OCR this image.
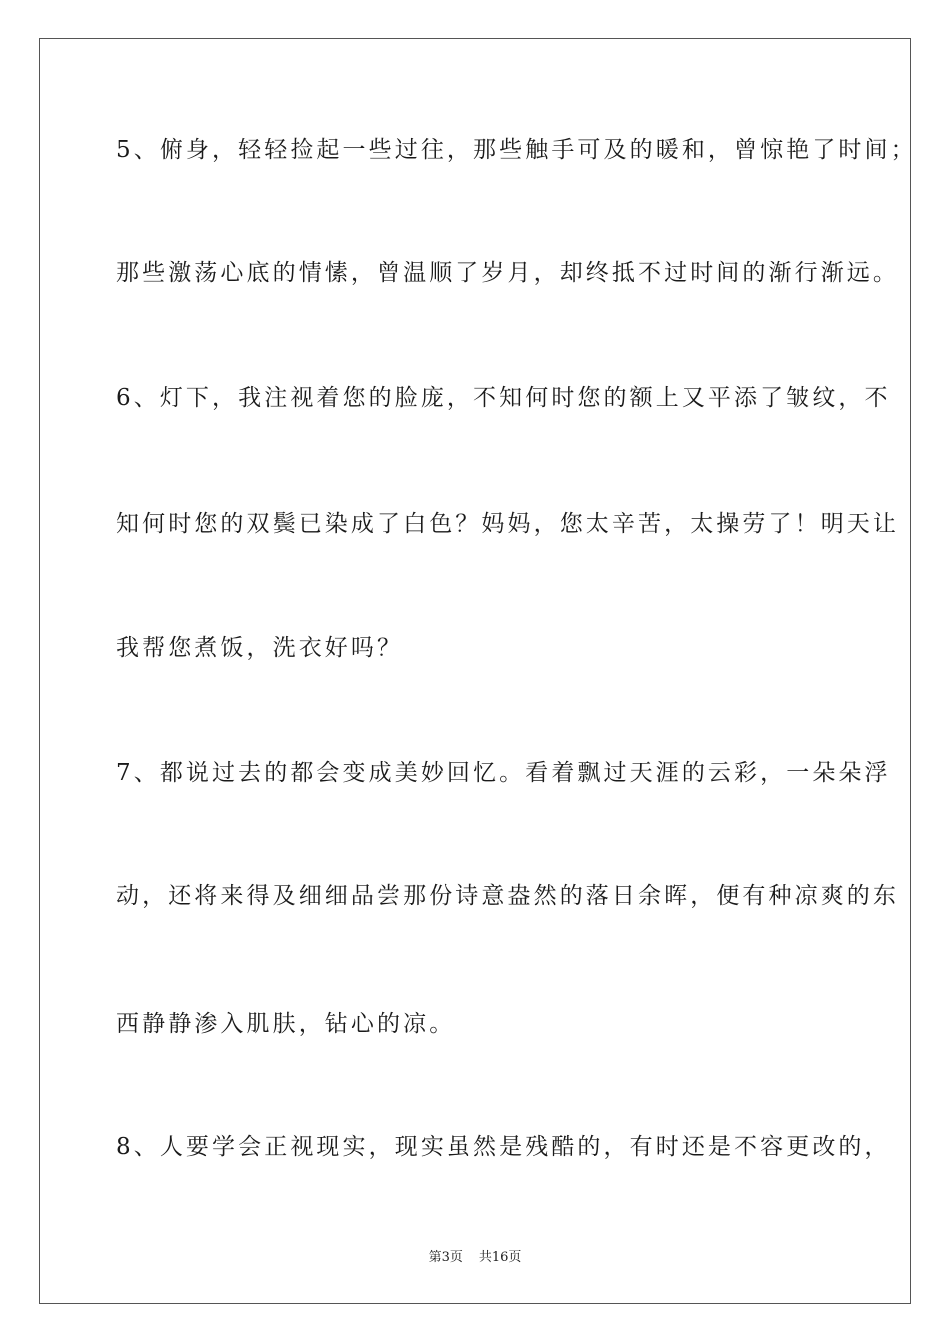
5、俯身，轻轻捡起一些过往，那些触手可及的暖和，曾惊艳了时间；
那些激荡心底的情愫，曾温顺了岁月，却终抵不过时间的渐行渐远。
6、灯下，我注视着您的脸庞，不知何时您的额上又平添了皱纹，不
知何时您的双鬓已染成了白色？妈妈，您太辛苦，太操劳了！明天让
我帮您煮饭，洗衣好吗？
7、都说过去的都会变成美妙回忆。看着飘过天涯的云彩，一朵朵浮
动，还将来得及细细品尝那份诗意盎然的落日余晖，便有种凉爽的东
西静静渗入肌肤，钻心的凉。
8、人要学会正视现实，现实虽然是残酷的，有时还是不容更改的，
第3页 共16页
